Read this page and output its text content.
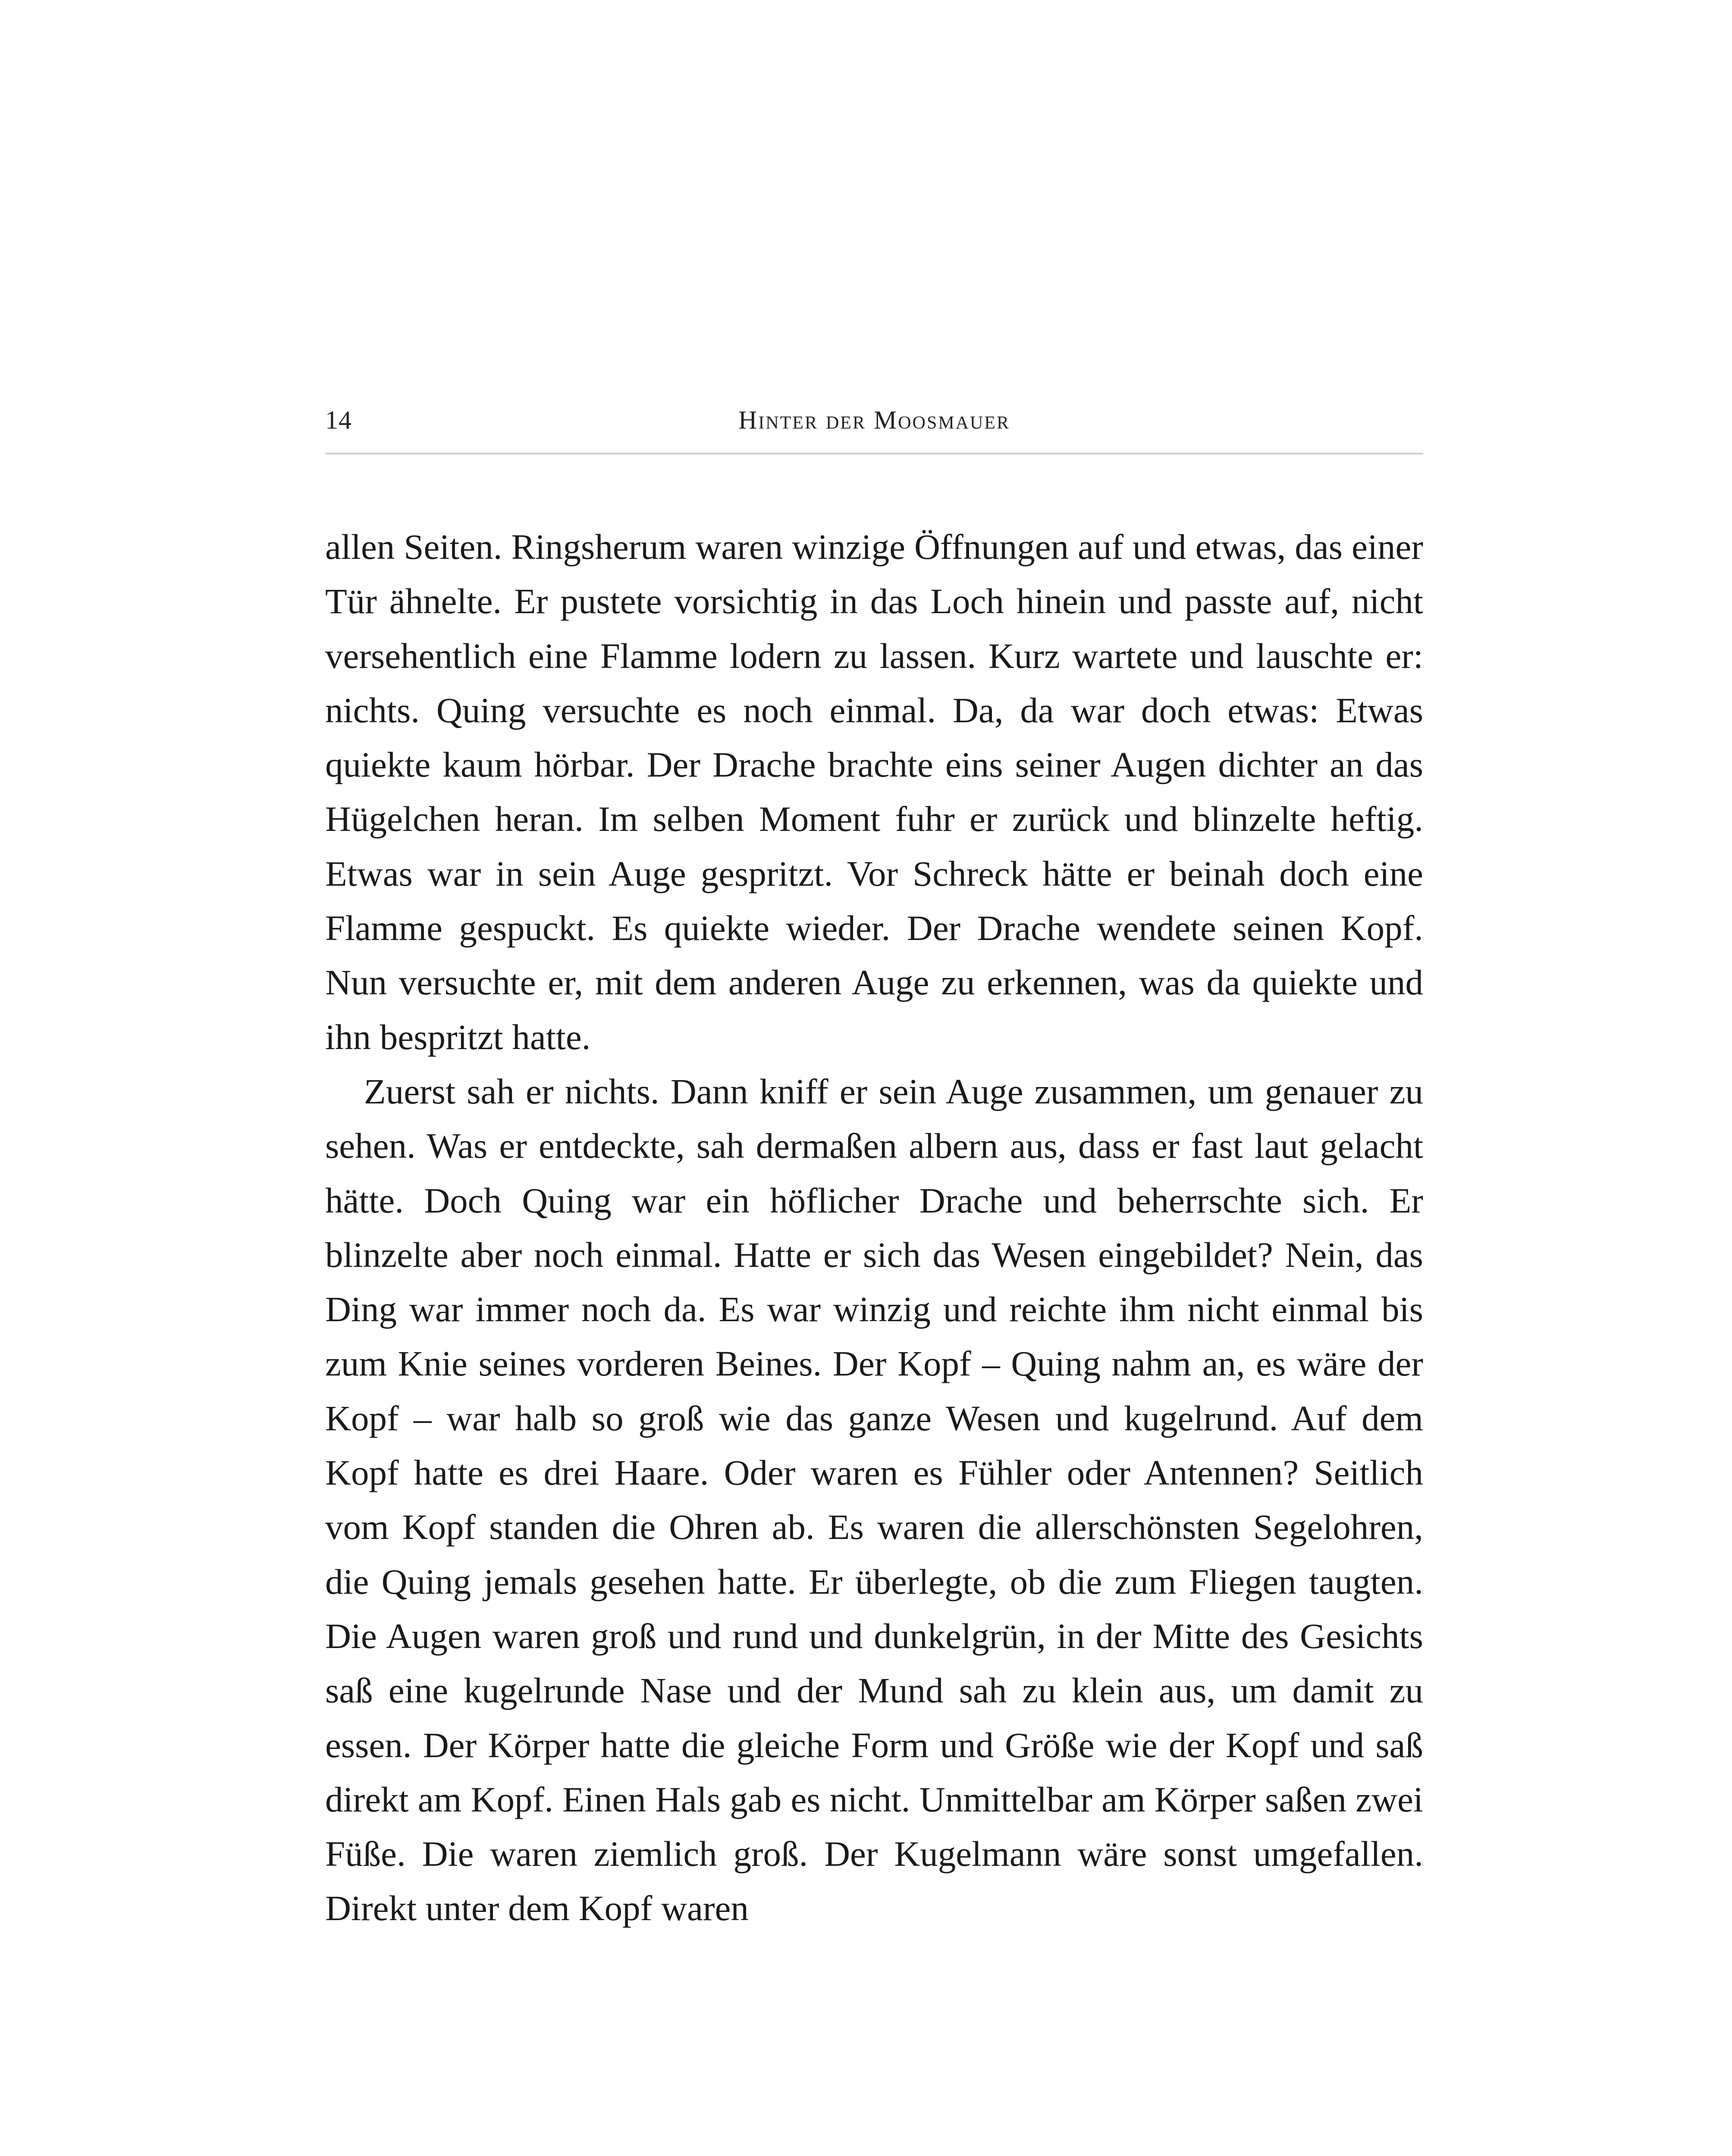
14	Hinter der Moosmauer

allen Seiten. Ringsherum waren winzige Öffnungen auf und etwas, das einer Tür ähnelte. Er pustete vorsichtig in das Loch hinein und passte auf, nicht versehentlich eine Flamme lodern zu lassen. Kurz wartete und lauschte er: nichts. Quing versuchte es noch einmal. Da, da war doch etwas: Etwas quiekte kaum hörbar. Der Drache brachte eins seiner Augen dichter an das Hügelchen heran. Im selben Moment fuhr er zurück und blinzelte heftig. Etwas war in sein Auge gespritzt. Vor Schreck hätte er beinah doch eine Flamme gespuckt. Es quiekte wieder. Der Drache wendete seinen Kopf. Nun versuchte er, mit dem anderen Auge zu erkennen, was da quiekte und ihn bespritzt hatte.

Zuerst sah er nichts. Dann kniff er sein Auge zusammen, um genauer zu sehen. Was er entdeckte, sah dermaßen albern aus, dass er fast laut gelacht hätte. Doch Quing war ein höflicher Drache und beherrschte sich. Er blinzelte aber noch einmal. Hatte er sich das Wesen eingebildet? Nein, das Ding war immer noch da. Es war winzig und reichte ihm nicht einmal bis zum Knie seines vorderen Beines. Der Kopf – Quing nahm an, es wäre der Kopf – war halb so groß wie das ganze Wesen und kugelrund. Auf dem Kopf hatte es drei Haare. Oder waren es Fühler oder Antennen? Seitlich vom Kopf standen die Ohren ab. Es waren die allerschönsten Segelohren, die Quing jemals gesehen hatte. Er überlegte, ob die zum Fliegen taugten. Die Augen waren groß und rund und dunkelgrün, in der Mitte des Gesichts saß eine kugelrunde Nase und der Mund sah zu klein aus, um damit zu essen. Der Körper hatte die gleiche Form und Größe wie der Kopf und saß direkt am Kopf. Einen Hals gab es nicht. Unmittelbar am Körper saßen zwei Füße. Die waren ziemlich groß. Der Kugelmann wäre sonst umgefallen. Direkt unter dem Kopf waren
